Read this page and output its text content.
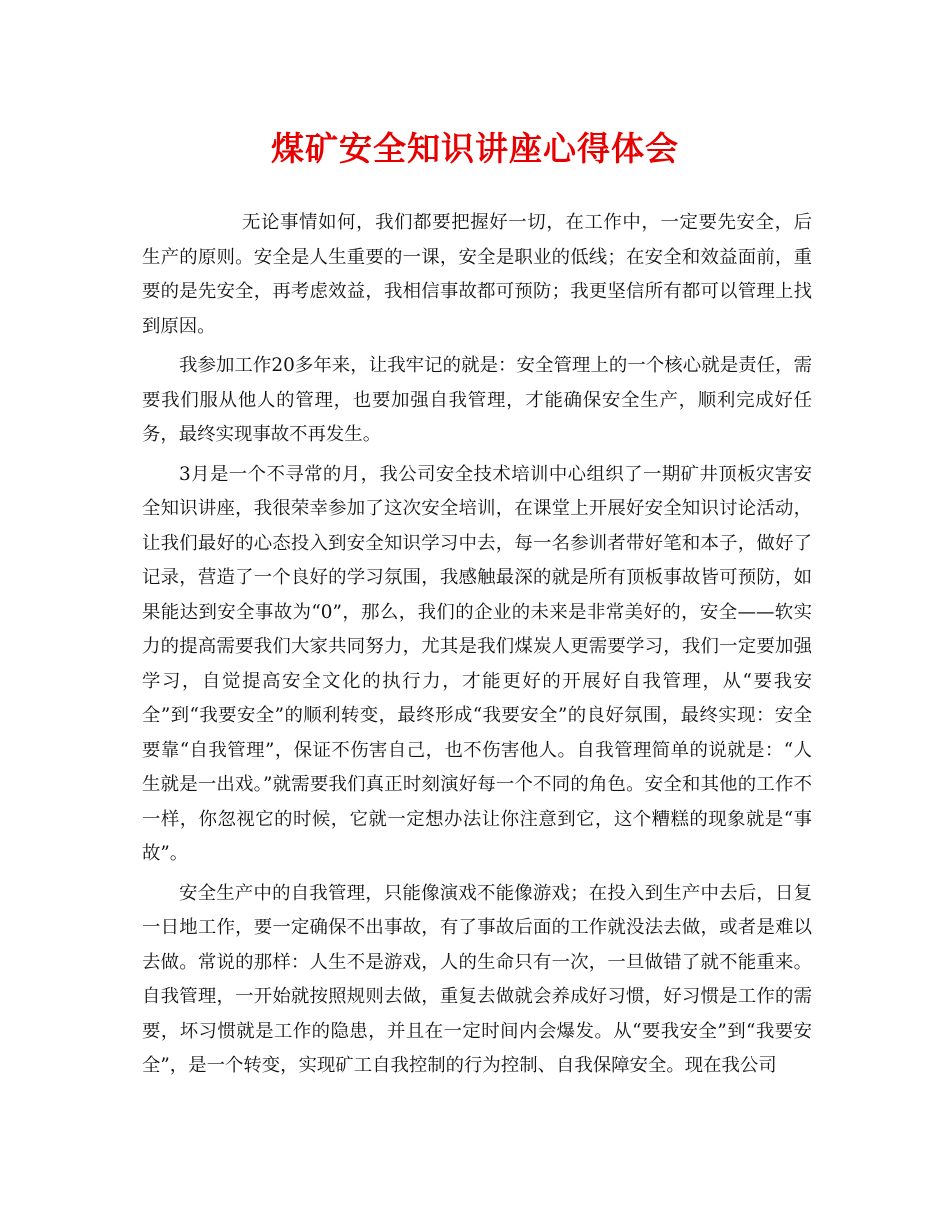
煤矿安全知识讲座心得体会

无论事情如何，我们都要把握好一切，在工作中，一定要先安全，后生产的原则。安全是人生重要的一课，安全是职业的低线；在安全和效益面前，重要的是先安全，再考虑效益，我相信事故都可预防；我更坚信所有都可以管理上找到原因。

我参加工作20多年来，让我牢记的就是：安全管理上的一个核心就是责任，需要我们服从他人的管理，也要加强自我管理，才能确保安全生产，顺利完成好任务，最终实现事故不再发生。

3月是一个不寻常的月，我公司安全技术培训中心组织了一期矿井顶板灾害安全知识讲座，我很荣幸参加了这次安全培训，在课堂上开展好安全知识讨论活动，让我们最好的心态投入到安全知识学习中去，每一名参训者带好笔和本子，做好了记录，营造了一个良好的学习氛围，我感触最深的就是所有顶板事故皆可预防，如果能达到安全事故为“0”，那么，我们的企业的未来是非常美好的，安全——软实力的提高需要我们大家共同努力，尤其是我们煤炭人更需要学习，我们一定要加强学习，自觉提高安全文化的执行力，才能更好的开展好自我管理，从“要我安全”到“我要安全”的顺利转变，最终形成“我要安全”的良好氛围，最终实现：安全要靠“自我管理”，保证不伤害自己，也不伤害他人。自我管理简单的说就是：“人生就是一出戏。”就需要我们真正时刻演好每一个不同的角色。安全和其他的工作不一样，你忽视它的时候，它就一定想办法让你注意到它，这个糟糕的现象就是“事故”。

安全生产中的自我管理，只能像演戏不能像游戏；在投入到生产中去后，日复一日地工作，要一定确保不出事故，有了事故后面的工作就没法去做，或者是难以去做。常说的那样：人生不是游戏，人的生命只有一次，一旦做错了就不能重来。自我管理，一开始就按照规则去做，重复去做就会养成好习惯，好习惯是工作的需要，坏习惯就是工作的隐患，并且在一定时间内会爆发。从“要我安全”到“我要安全”，是一个转变，实现矿工自我控制的行为控制、自我保障安全。现在我公司
